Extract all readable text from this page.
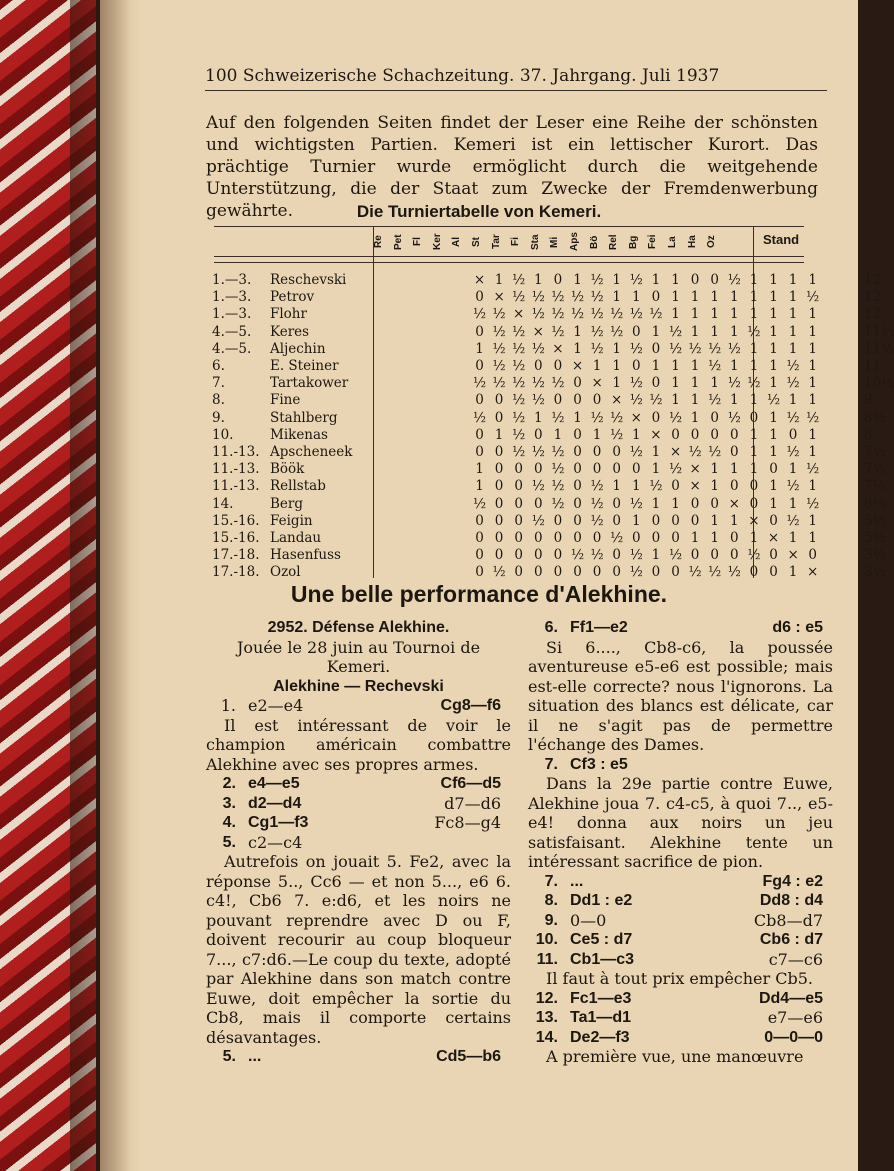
100 Schweizerische Schachzeitung. 37. Jahrgang. Juli 1937
Auf den folgenden Seiten findet der Leser eine Reihe der schönsten und wichtigsten Partien. Kemeri ist ein lettischer Kurort. Das prächtige Turnier wurde ermöglicht durch die weitgehende Unterstützung, die der Staat zum Zwecke der Fremdenwerbung gewährte.	Die Turniertabelle von Kemeri.
Re Pet Fl Ker Al St Tar Fi Sta Mi Aps Bö Rel Bg Fei La Ha Oz	Stand
1.—3.	Reschevski	× 1 ½ 1 0 1 ½ 1 ½ 1 1 0 0 ½ 1 1 1 1	12
1.—3.	Petrov	0 × ½ ½ ½ ½ ½ 1 1 0 1 1 1 1 1 1 1 ½	12
1.—3.	Flohr	½ ½ × ½ ½ ½ ½ ½ ½ ½ 1 1 1 1 1 1 1 1	12
4.—5.	Keres	0 ½ ½ × ½ 1 ½ ½ 0 1 ½ 1 1 1 ½ 1 1 1	11½
4.—5.	Aljechin	1 ½ ½ ½ × 1 ½ 1 ½ 0 ½ ½ ½ ½ 1 1 1 1	11½
6.	E. Steiner	0 ½ ½ 0 0 × 1 1 0 1 1 1 ½ 1 1 1 ½ 1	11
7.	Tartakower	½ ½ ½ ½ ½ 0 × 1 ½ 0 1 1 1 ½ ½ 1 ½ 1	10½
8.	Fine	0 0 ½ ½ 0 0 0 × ½ ½ 1 1 ½ 1 1 ½ 1 1	9
9.	Stahlberg	½ 0 ½ 1 ½ 1 ½ ½ × 0 ½ 1 0 ½ 0 1 ½ ½	8½
10.	Mikenas	0 1 ½ 0 1 0 1 ½ 1 × 0 0 0 0 1 1 0 1	8
11.-13. Apscheneek	0 0 ½ ½ ½ 0 0 0 ½ 1 × ½ ½ 0 1 1 ½ 1	7½
11.-13. Böök	1 0 0 0 ½ 0 0 0 0 1 ½ × 1 1 1 0 1 ½	7½
11.-13. Rellstab	1 0 0 ½ ½ 0 ½ 1 1 ½ 0 × 1 0 0 1 ½ 1	7½
14.	Berg	½ 0 0 0 ½ 0 ½ 0 ½ 1 1 0 0 × 0 1 1 ½	6½
15.-16. Feigin	0 0 0 ½ 0 0 ½ 0 1 0 0 0 1 1 × 0 ½ 1	5½
15.-16. Landau	0 0 0 0 0 0 0 ½ 0 0 0 1 1 0 1 × 1 1	5½
17.-18. Hasenfuss	0 0 0 0 0 ½ ½ 0 ½ 1 ½ 0 0 0 ½ 0 × 0	3½
17.-18. Ozol	0 ½ 0 0 0 0 0 0 ½ 0 0 ½ ½ ½ 0 0 1 ×	3½
Une belle performance d'Alekhine.
2952. Défense Alekhine.
Jouée le 28 juin au Tournoi de Kemeri.
Alekhine — Rechevski
1. e2—e4	Cg8—f6
Il est intéressant de voir le champion américain combattre Alekhine avec ses propres armes.
2. e4—e5	Cf6—d5
3. d2—d4	d7—d6
4. Cg1—f3	Fc8—g4
5. c2—c4
Autrefois on jouait 5. Fe2, avec la réponse 5.., Cc6 — et non 5..., e6 6. c4!, Cb6 7. e:d6, et les noirs ne pouvant reprendre avec D ou F, doivent recourir au coup bloqueur 7..., c7:d6.—Le coup du texte, adopté par Alekhine dans son match contre Euwe, doit empêcher la sortie du Cb8, mais il comporte certains désavantages.
5. ...	Cd5—b6
6. Ff1—e2	d6 : e5
Si 6...., Cb8-c6, la poussée aventureuse e5-e6 est possible; mais est-elle correcte? nous l'ignorons. La situation des blancs est délicate, car il ne s'agit pas de permettre l'échange des Dames.
7. Cf3 : e5
Dans la 29e partie contre Euwe, Alekhine joua 7. c4-c5, à quoi 7.., e5-e4! donna aux noirs un jeu satisfaisant. Alekhine tente un intéressant sacrifice de pion.
7. ...	Fg4 : e2
8. Dd1 : e2	Dd8 : d4
9. 0—0	Cb8—d7
10. Ce5 : d7	Cb6 : d7
11. Cb1—c3	c7—c6
Il faut à tout prix empêcher Cb5.
12. Fc1—e3	Dd4—e5
13. Ta1—d1	e7—e6
14. De2—f3	0—0—0
A première vue, une manœuvre
